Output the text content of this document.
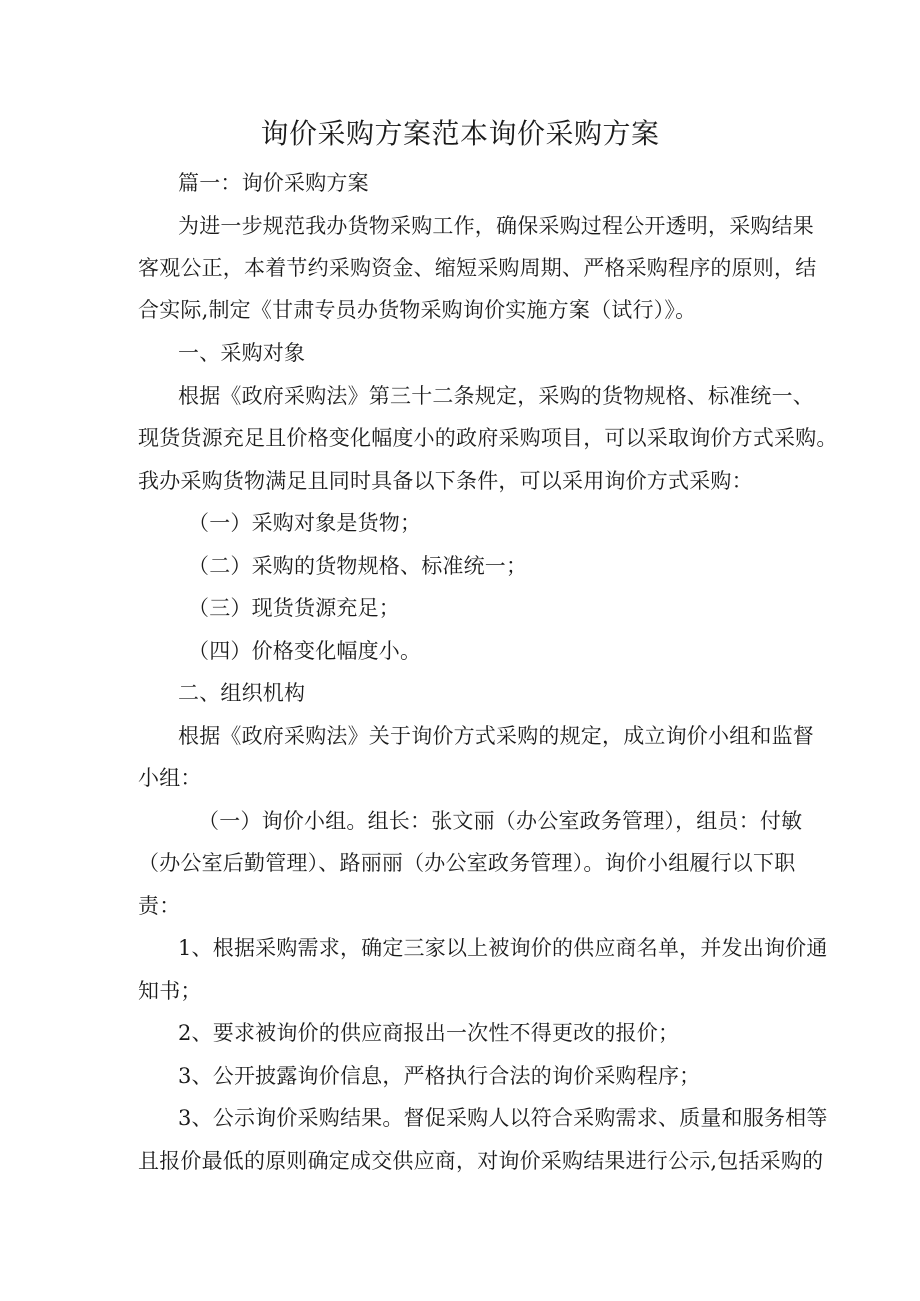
询价采购方案范本询价采购方案
篇一：询价采购方案
为进一步规范我办货物采购工作，确保采购过程公开透明，采购结果
客观公正，本着节约采购资金、缩短采购周期、严格采购程序的原则，结
合实际,制定《甘肃专员办货物采购询价实施方案（试行）》。
一、采购对象
根据《政府采购法》第三十二条规定，采购的货物规格、标准统一、
现货货源充足且价格变化幅度小的政府采购项目，可以采取询价方式采购。
我办采购货物满足且同时具备以下条件，可以采用询价方式采购：
（一）采购对象是货物；
（二）采购的货物规格、标准统一；
（三）现货货源充足；
（四）价格变化幅度小。
二、组织机构
根据《政府采购法》关于询价方式采购的规定，成立询价小组和监督
小组：
（一）询价小组。组长：张文丽（办公室政务管理），组员：付敏
（办公室后勤管理）、路丽丽（办公室政务管理）。询价小组履行以下职
责：
1、根据采购需求，确定三家以上被询价的供应商名单，并发出询价通
知书；
2、要求被询价的供应商报出一次性不得更改的报价；
3、公开披露询价信息，严格执行合法的询价采购程序；
3、公示询价采购结果。督促采购人以符合采购需求、质量和服务相等
且报价最低的原则确定成交供应商，对询价采购结果进行公示,包括采购的
